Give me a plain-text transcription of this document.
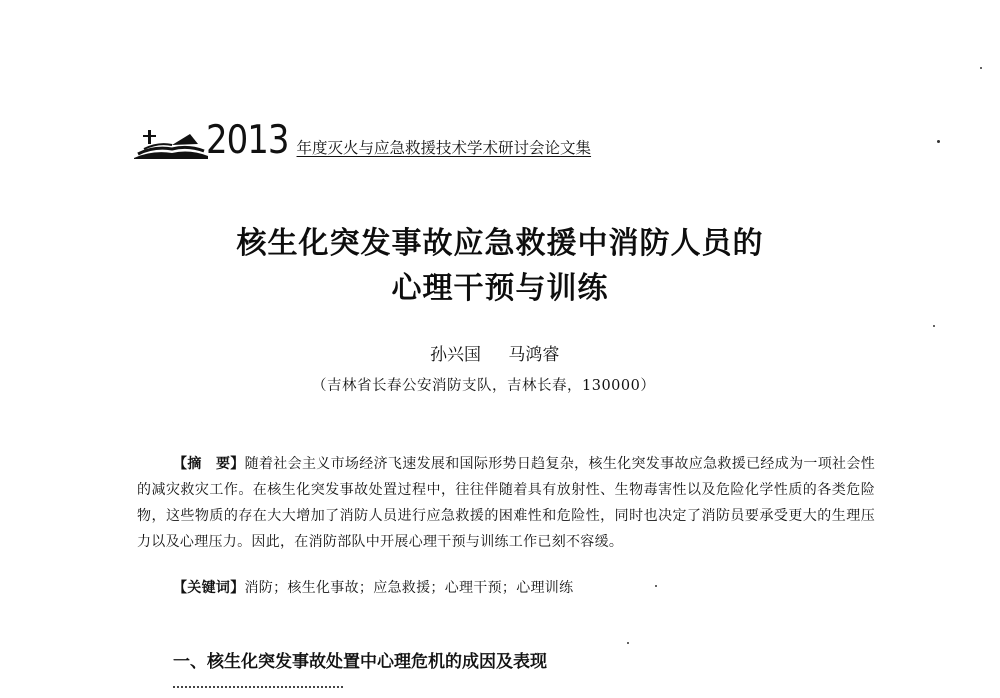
2013 年度灭火与应急救援技术学术研讨会论文集
核生化突发事故应急救援中消防人员的
心理干预与训练
孙兴国 马鸿睿
（吉林省长春公安消防支队，吉林长春，130000）

【摘　要】随着社会主义市场经济飞速发展和国际形势日趋复杂，核生化突发事故应急救援已经成为一项社会性的减灾救灾工作。在核生化突发事故处置过程中，往往伴随着具有放射性、生物毒害性以及危险化学性质的各类危险物，这些物质的存在大大增加了消防人员进行应急救援的困难性和危险性，同时也决定了消防员要承受更大的生理压力以及心理压力。因此，在消防部队中开展心理干预与训练工作已刻不容缓。

【关键词】消防；核生化事故；应急救援；心理干预；心理训练
一、核生化突发事故处置中心理危机的成因及表现
